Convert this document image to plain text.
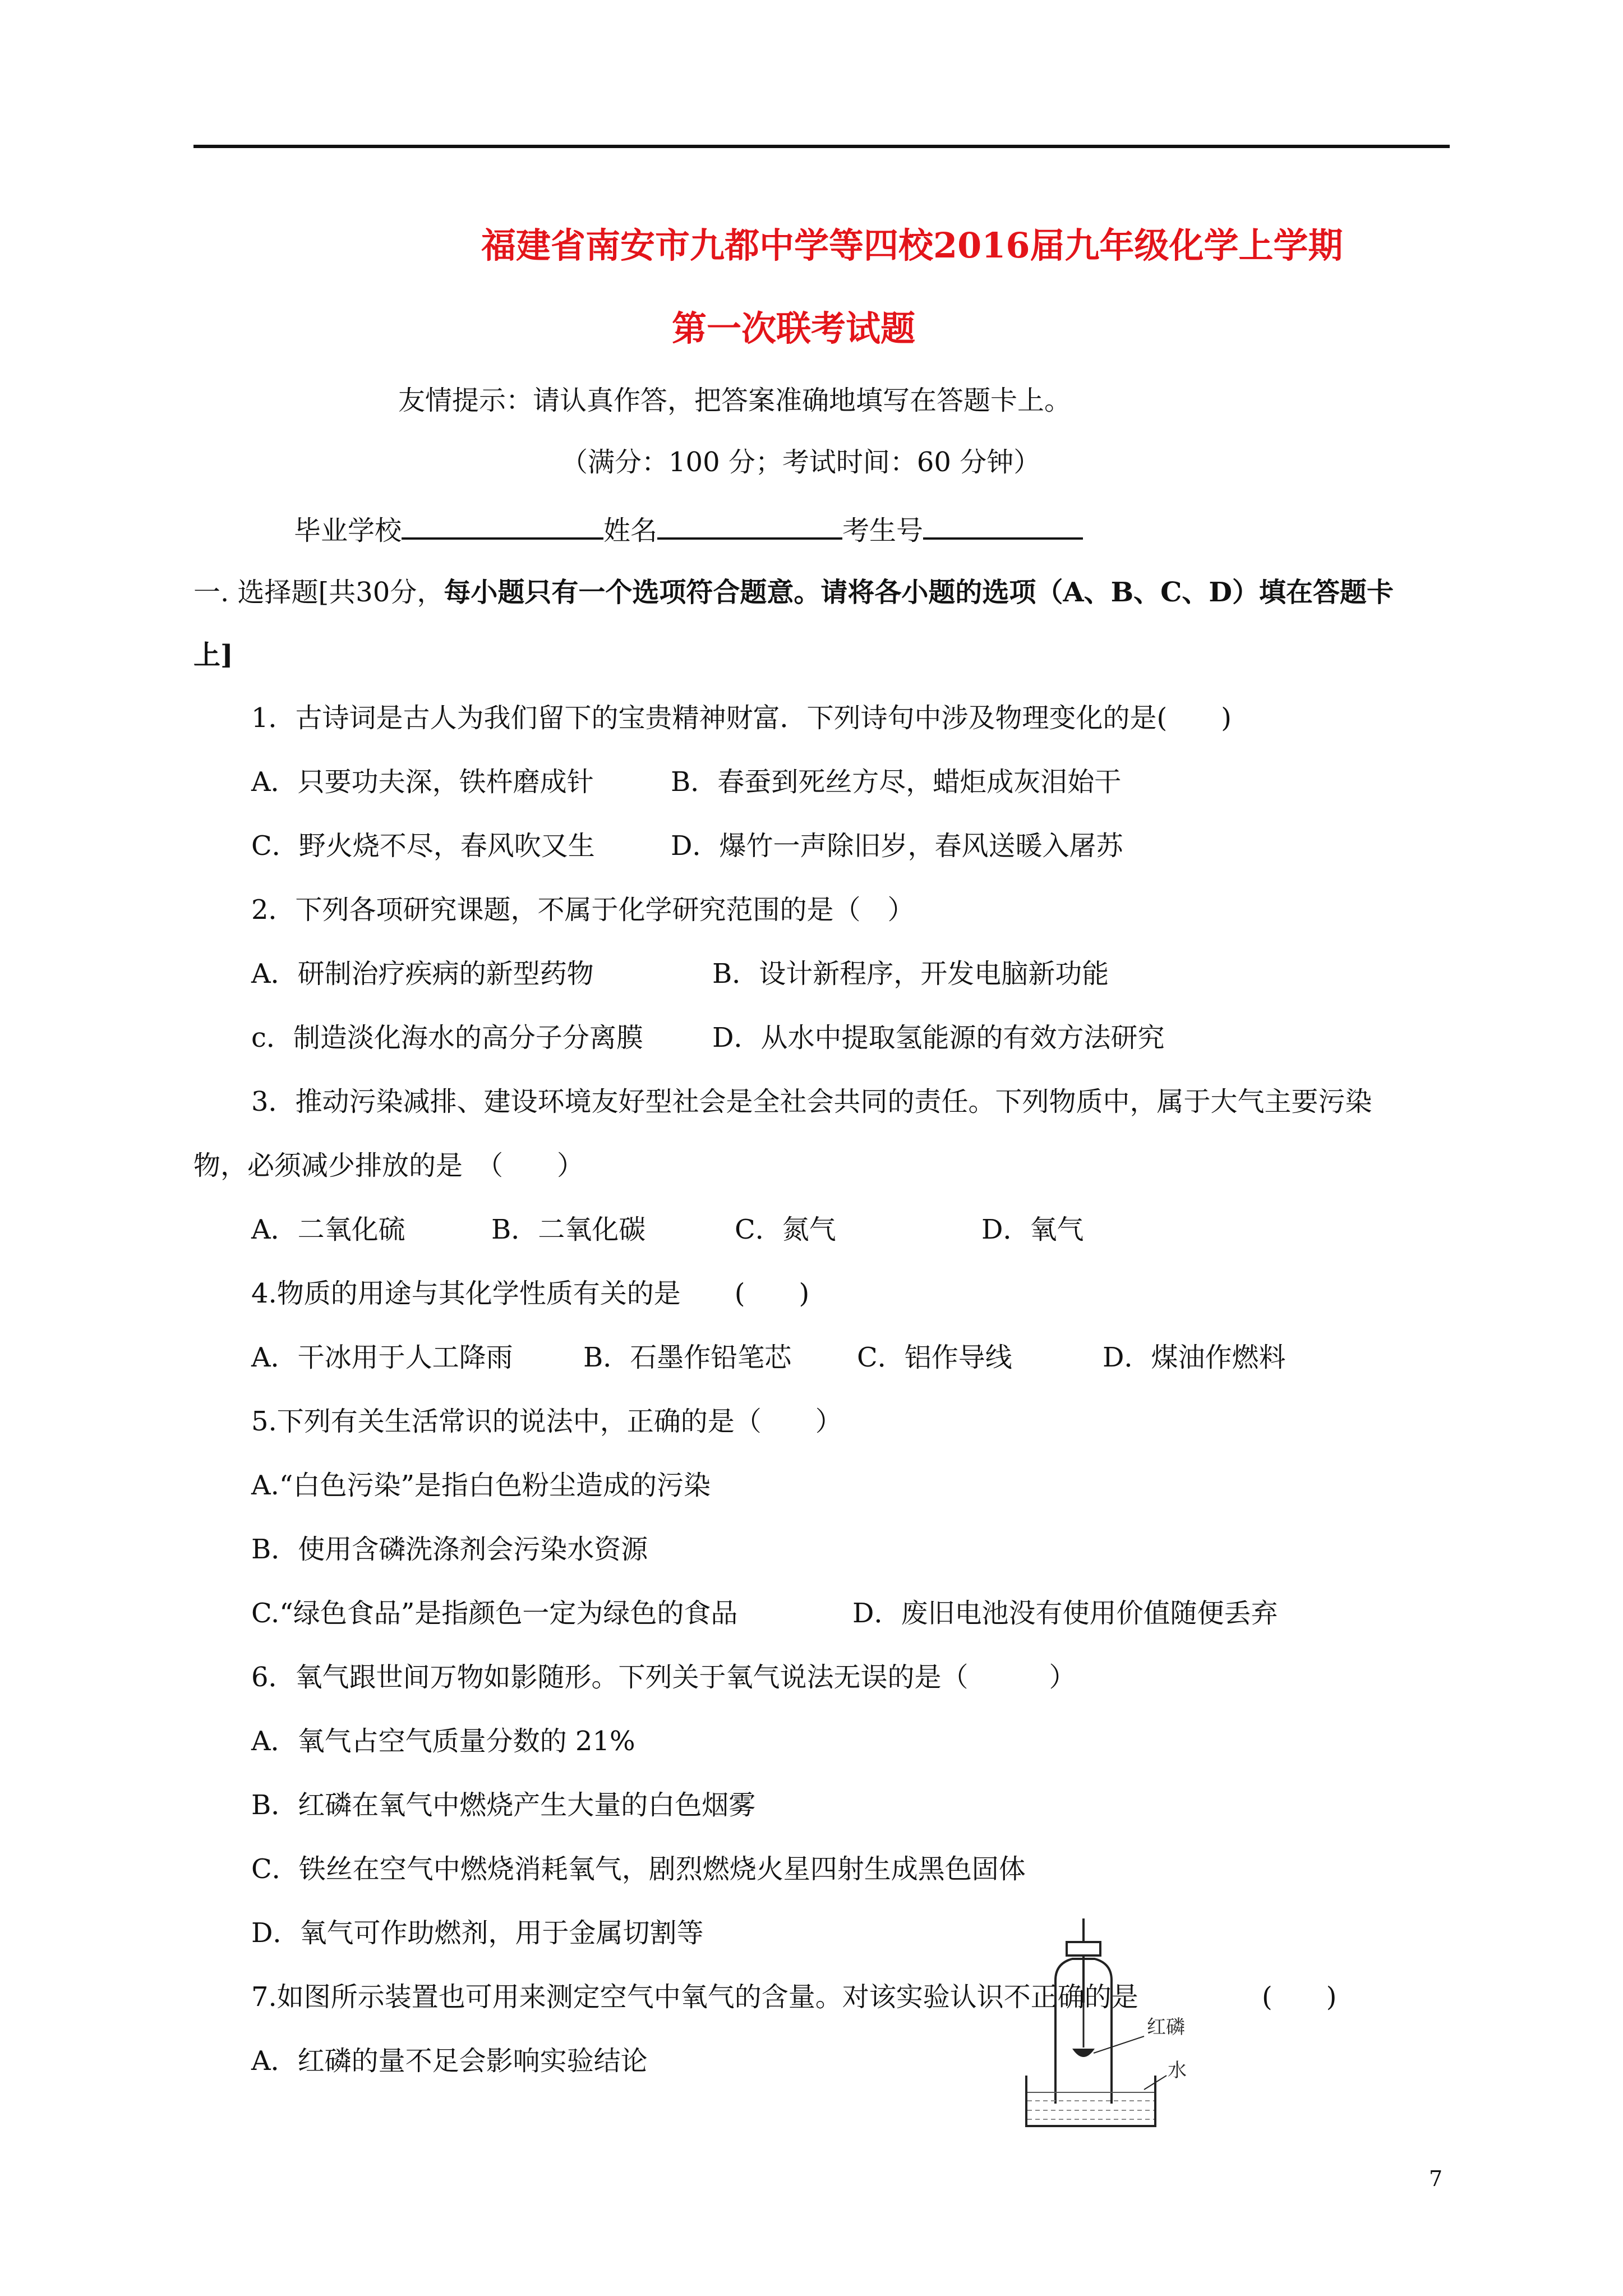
福建省南安市九都中学等四校2016届九年级化学上学期
第一次联考试题
友情提示：请认真作答，把答案准确地填写在答题卡上。
（满分：100 分；考试时间：60 分钟）
毕业学校	姓名	考生号
一. 选择题[共30分，每小题只有一个选项符合题意。请将各小题的选项（A、B、C、D）填在答题卡
上]
1．古诗词是古人为我们留下的宝贵精神财富．下列诗句中涉及物理变化的是(　　)
A．只要功夫深，铁杵磨成针	B．春蚕到死丝方尽，蜡炬成灰泪始干
C．野火烧不尽，春风吹又生	D．爆竹一声除旧岁，春风送暖入屠苏
2．下列各项研究课题，不属于化学研究范围的是（　）
A．研制治疗疾病的新型药物	B．设计新程序，开发电脑新功能
c．制造淡化海水的高分子分离膜	D．从水中提取氢能源的有效方法研究
3．推动污染减排、建设环境友好型社会是全社会共同的责任。下列物质中，属于大气主要污染
物，必须减少排放的是　（　　）
A．二氧化硫	B．二氧化碳	C．氮气	D．氧气
4.物质的用途与其化学性质有关的是　　(　　)
A．干冰用于人工降雨	B．石墨作铅笔芯 C．铝作导线	D．煤油作燃料
5.下列有关生活常识的说法中，正确的是（　　）
A.“白色污染”是指白色粉尘造成的污染
B．使用含磷洗涤剂会污染水资源
C.“绿色食品”是指颜色一定为绿色的食品	D．废旧电池没有使用价值随便丢弃
6．氧气跟世间万物如影随形。下列关于氧气说法无误的是（　　　）
A．氧气占空气质量分数的 21%
B．红磷在氧气中燃烧产生大量的白色烟雾
C．铁丝在空气中燃烧消耗氧气，剧烈燃烧火星四射生成黑色固体
D．氧气可作助燃剂，用于金属切割等
7.如图所示装置也可用来测定空气中氧气的含量。对该实验认识不正确的是	(　　)
A．红磷的量不足会影响实验结论
红磷
水
7
